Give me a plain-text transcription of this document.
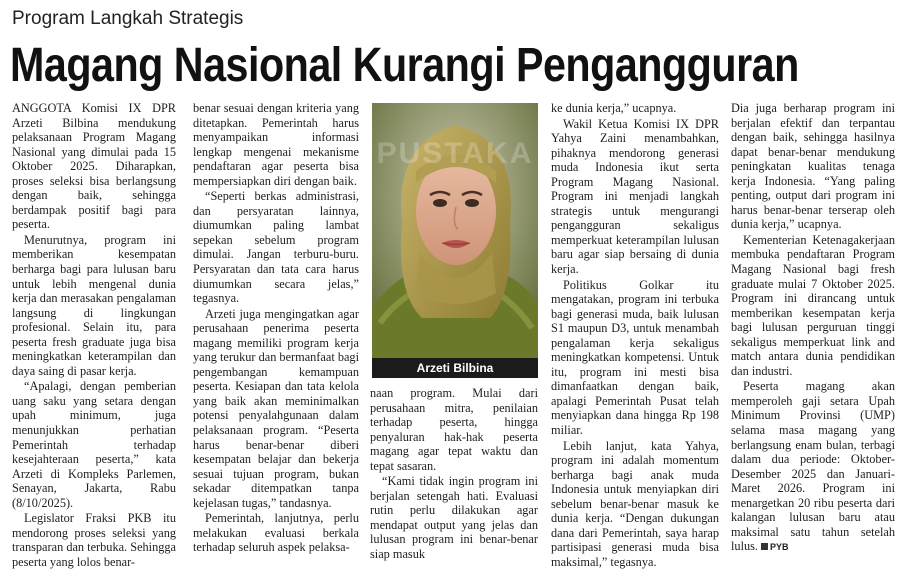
Program Langkah Strategis
Magang Nasional Kurangi Pengangguran

ANGGOTA Komisi IX DPR Arzeti Bilbina mendukung pelaksanaan Program Magang Nasional yang dimulai pada 15 Oktober 2025. Diharapkan, proses seleksi bisa berlangsung dengan baik, sehingga berdampak positif bagi para peserta.

Menurutnya, program ini memberikan kesempatan berharga bagi para lulusan baru untuk lebih mengenal dunia kerja dan merasakan pengalaman langsung di lingkungan profesional. Selain itu, para peserta fresh graduate juga bisa meningkatkan keterampilan dan daya saing di pasar kerja.

“Apalagi, dengan pemberian uang saku yang setara dengan upah minimum, juga menunjukkan perhatian Pemerintah terhadap kesejahteraan peserta,” kata Arzeti di Kompleks Parlemen, Senayan, Jakarta, Rabu (8/10/2025).

Legislator Fraksi PKB itu mendorong proses seleksi yang transparan dan terbuka. Sehingga peserta yang lolos benar-

benar sesuai dengan kriteria yang ditetapkan. Pemerintah harus menyampaikan informasi lengkap mengenai mekanisme pendaftaran agar peserta bisa mempersiapkan diri dengan baik.

“Seperti berkas administrasi, dan persyaratan lainnya, diumumkan paling lambat sepekan sebelum program dimulai. Jangan terburu-buru. Persyaratan dan tata cara harus diumumkan secara jelas,” tegasnya.

Arzeti juga mengingatkan agar perusahaan penerima peserta magang memiliki program kerja yang terukur dan bermanfaat bagi pengembangan kemampuan peserta. Kesiapan dan tata kelola yang baik akan meminimalkan potensi penyalahgunaan dalam pelaksanaan program. “Peserta harus benar-benar diberi kesempatan belajar dan bekerja sesuai tujuan program, bukan sekadar ditempatkan tanpa kejelasan tugas,” tandasnya.

Pemerintah, lanjutnya, perlu melakukan evaluasi berkala terhadap seluruh aspek pelaksa-

PUSTAKA
Arzeti Bilbina

naan program. Mulai dari perusahaan mitra, penilaian terhadap peserta, hingga penyaluran hak-hak peserta magang agar tepat waktu dan tepat sasaran.

“Kami tidak ingin program ini berjalan setengah hati. Evaluasi rutin perlu dilakukan agar mendapat output yang jelas dan lulusan program ini benar-benar siap masuk

ke dunia kerja,” ucapnya.

Wakil Ketua Komisi IX DPR Yahya Zaini menambahkan, pihaknya mendorong generasi muda Indonesia ikut serta Program Magang Nasional. Program ini menjadi langkah strategis untuk mengurangi pengangguran sekaligus memperkuat keterampilan lulusan baru agar siap bersaing di dunia kerja.

Politikus Golkar itu mengatakan, program ini terbuka bagi generasi muda, baik lulusan S1 maupun D3, untuk menambah pengalaman kerja sekaligus meningkatkan kompetensi. Untuk itu, program ini mesti bisa dimanfaatkan dengan baik, apalagi Pemerintah Pusat telah menyiapkan dana hingga Rp 198 miliar.

Lebih lanjut, kata Yahya, program ini adalah momentum berharga bagi anak muda Indonesia untuk menyiapkan diri sebelum benar-benar masuk ke dunia kerja. “Dengan dukungan dana dari Pemerintah, saya harap partisipasi generasi muda bisa maksimal,” tegasnya.

Dia juga berharap program ini berjalan efektif dan terpantau dengan baik, sehingga hasilnya dapat benar-benar mendukung peningkatan kualitas tenaga kerja Indonesia. “Yang paling penting, output dari program ini harus benar-benar terserap oleh dunia kerja,” ucapnya.

Kementerian Ketenagakerjaan membuka pendaftaran Program Magang Nasional bagi fresh graduate mulai 7 Oktober 2025. Program ini dirancang untuk memberikan kesempatan kerja bagi lulusan perguruan tinggi sekaligus memperkuat link and match antara dunia pendidikan dan industri.

Peserta magang akan memperoleh gaji setara Upah Minimum Provinsi (UMP) selama masa magang yang berlangsung enam bulan, terbagi dalam dua periode: Oktober-Desember 2025 dan Januari-Maret 2026. Program ini menargetkan 20 ribu peserta dari kalangan lulusan baru atau maksimal satu tahun setelah lulus. PYB
